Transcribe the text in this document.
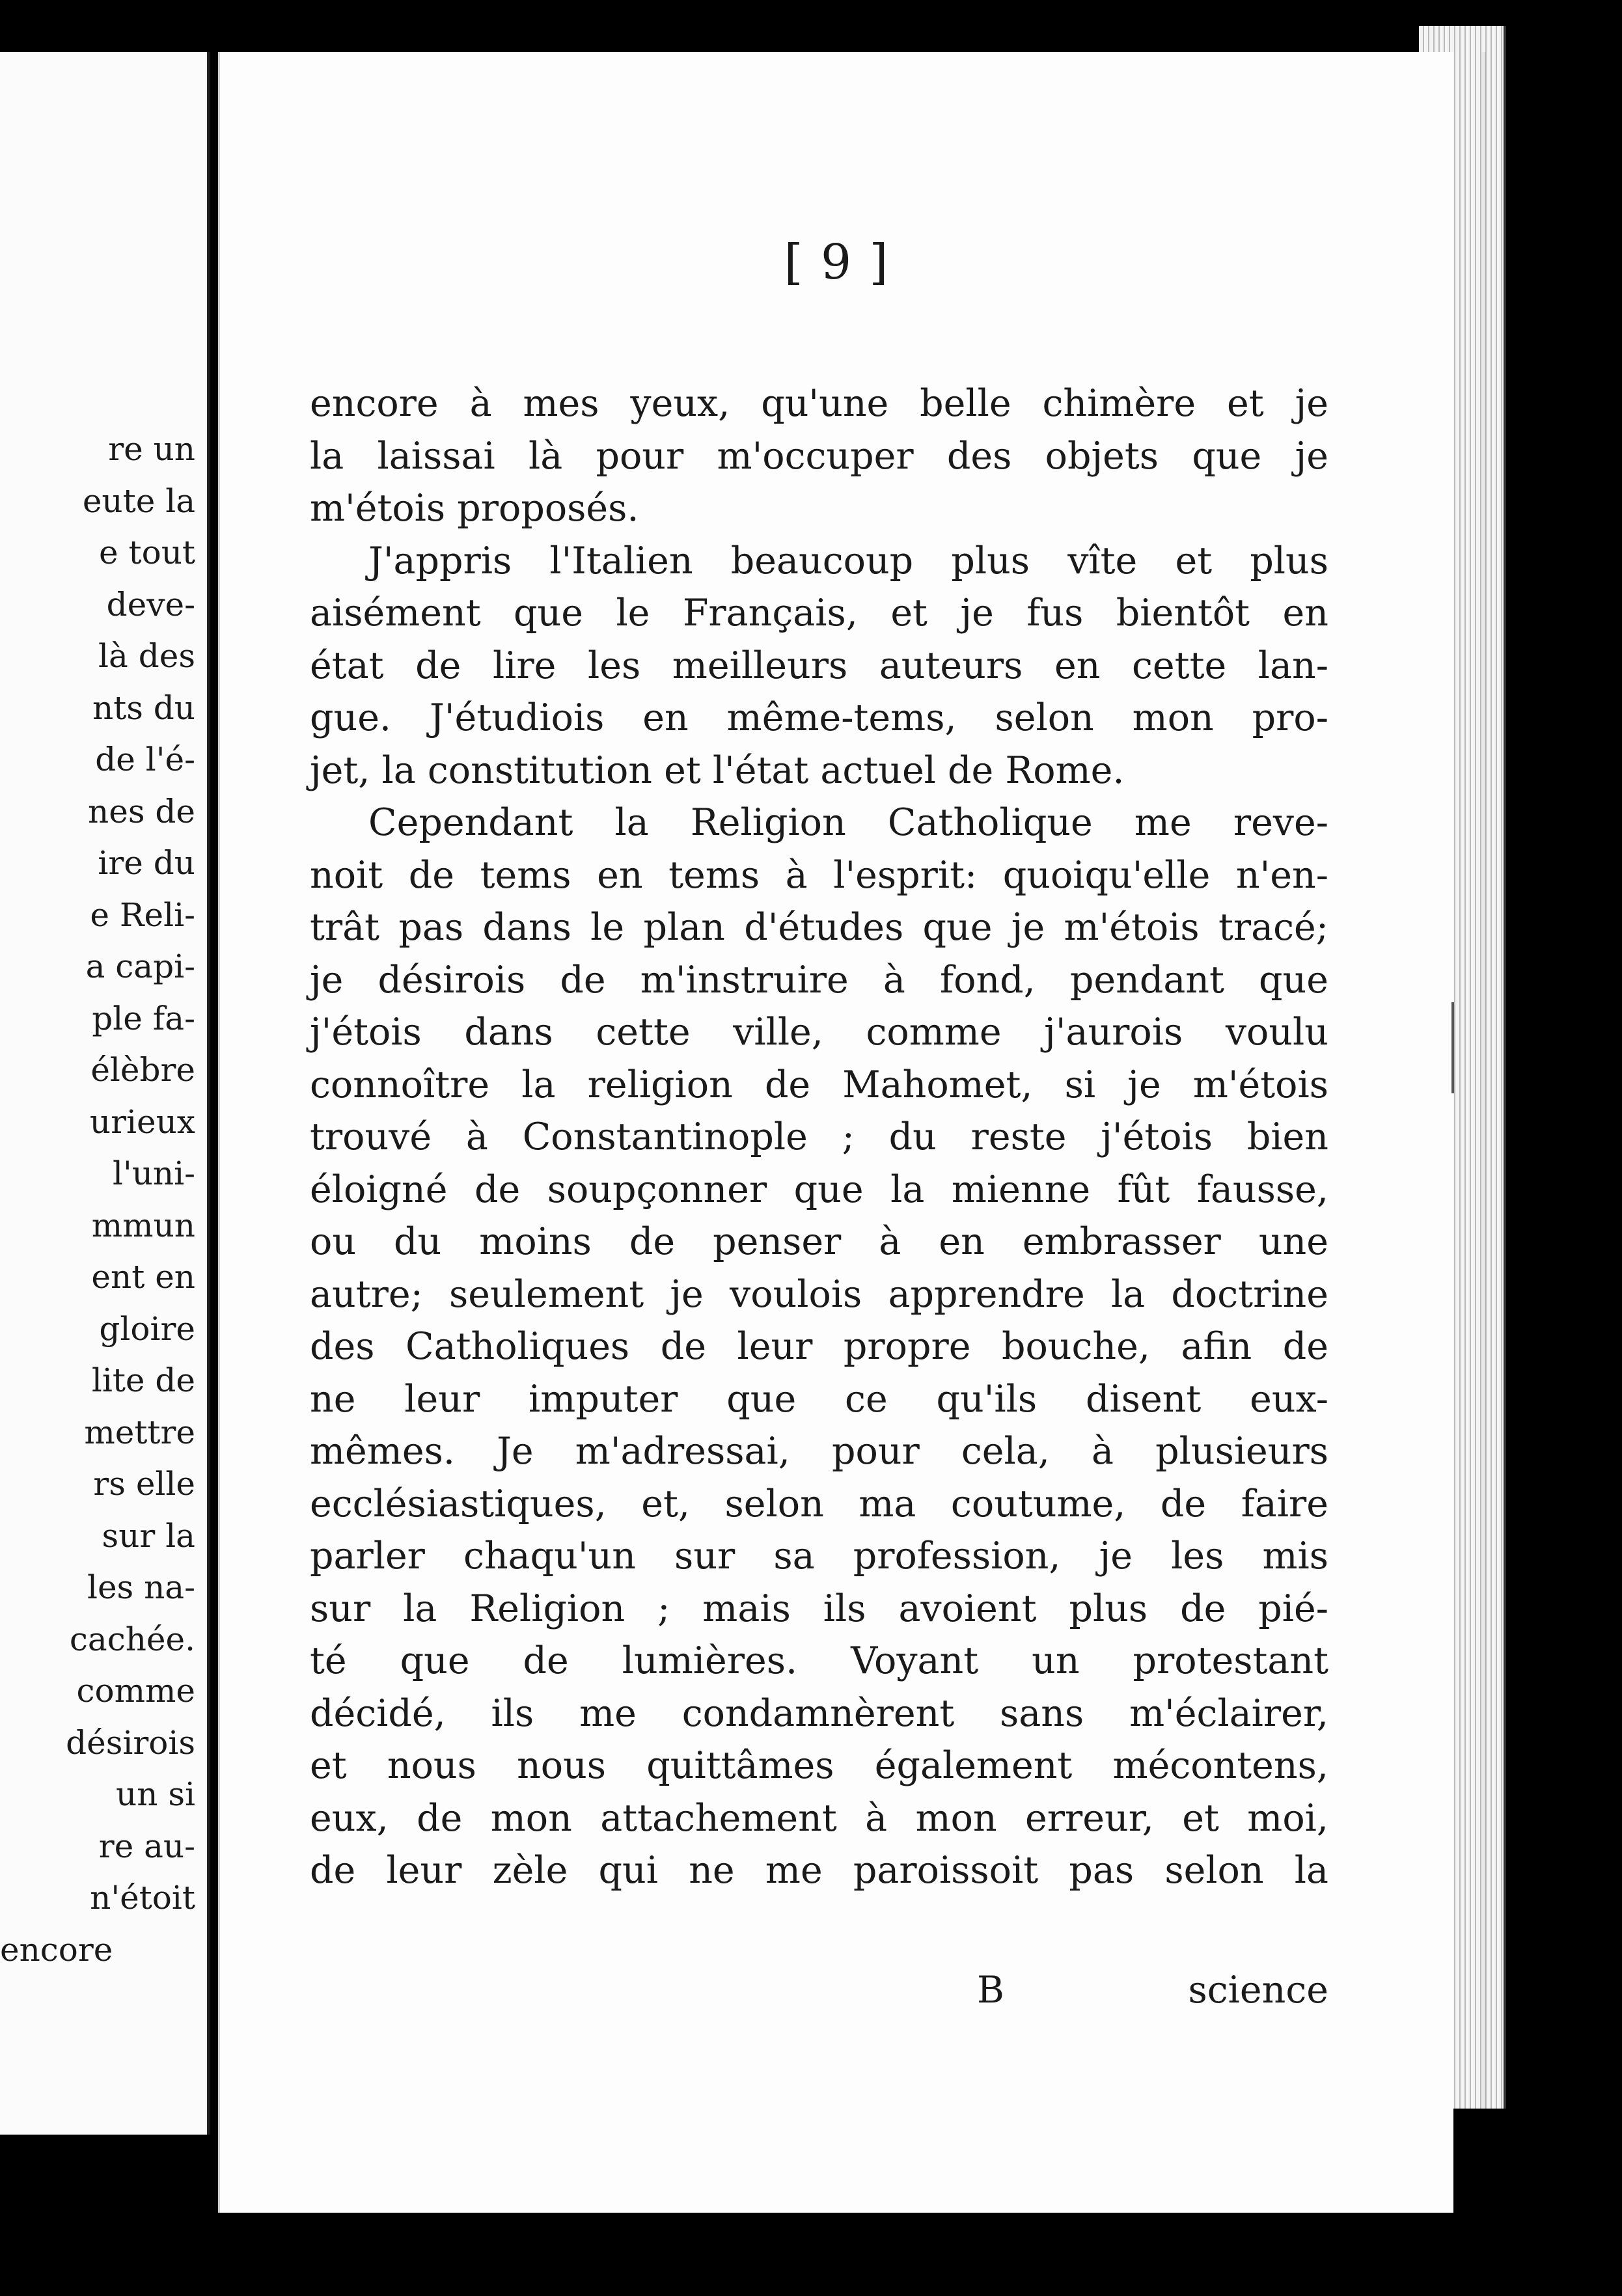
re un
eute la
e tout
deve-
là des
nts du
de l'é-
nes de
ire du
e Reli-
a capi-
ple fa-
élèbre
urieux
l'uni-
mmun
ent en
gloire
lite de
mettre
rs elle
sur la
les na-
cachée.
comme
désirois
un si
re au-
n'étoit
encore
[ 9 ]
encore à mes yeux, qu'une belle chimère et je
la laissai là pour m'occuper des objets que je
m'étois proposés.
J'appris l'Italien beaucoup plus vîte et plus
aisément que le Français, et je fus bientôt en
état de lire les meilleurs auteurs en cette lan-
gue. J'étudiois en même-tems, selon mon pro-
jet, la constitution et l'état actuel de Rome.
Cependant la Religion Catholique me reve-
noit de tems en tems à l'esprit: quoiqu'elle n'en-
trât pas dans le plan d'études que je m'étois tracé;
je désirois de m'instruire à fond, pendant que
j'étois dans cette ville, comme j'aurois voulu
connoître la religion de Mahomet, si je m'étois
trouvé à Constantinople ; du reste j'étois bien
éloigné de soupçonner que la mienne fût fausse,
ou du moins de penser à en embrasser une
autre; seulement je voulois apprendre la doctrine
des Catholiques de leur propre bouche, afin de
ne leur imputer que ce qu'ils disent eux-
mêmes. Je m'adressai, pour cela, à plusieurs
ecclésiastiques, et, selon ma coutume, de faire
parler chaqu'un sur sa profession, je les mis
sur la Religion ; mais ils avoient plus de pié-
té que de lumières. Voyant un protestant
décidé, ils me condamnèrent sans m'éclairer,
et nous nous quittâmes également mécontens,
eux, de mon attachement à mon erreur, et moi,
de leur zèle qui ne me paroissoit pas selon la
B	science
